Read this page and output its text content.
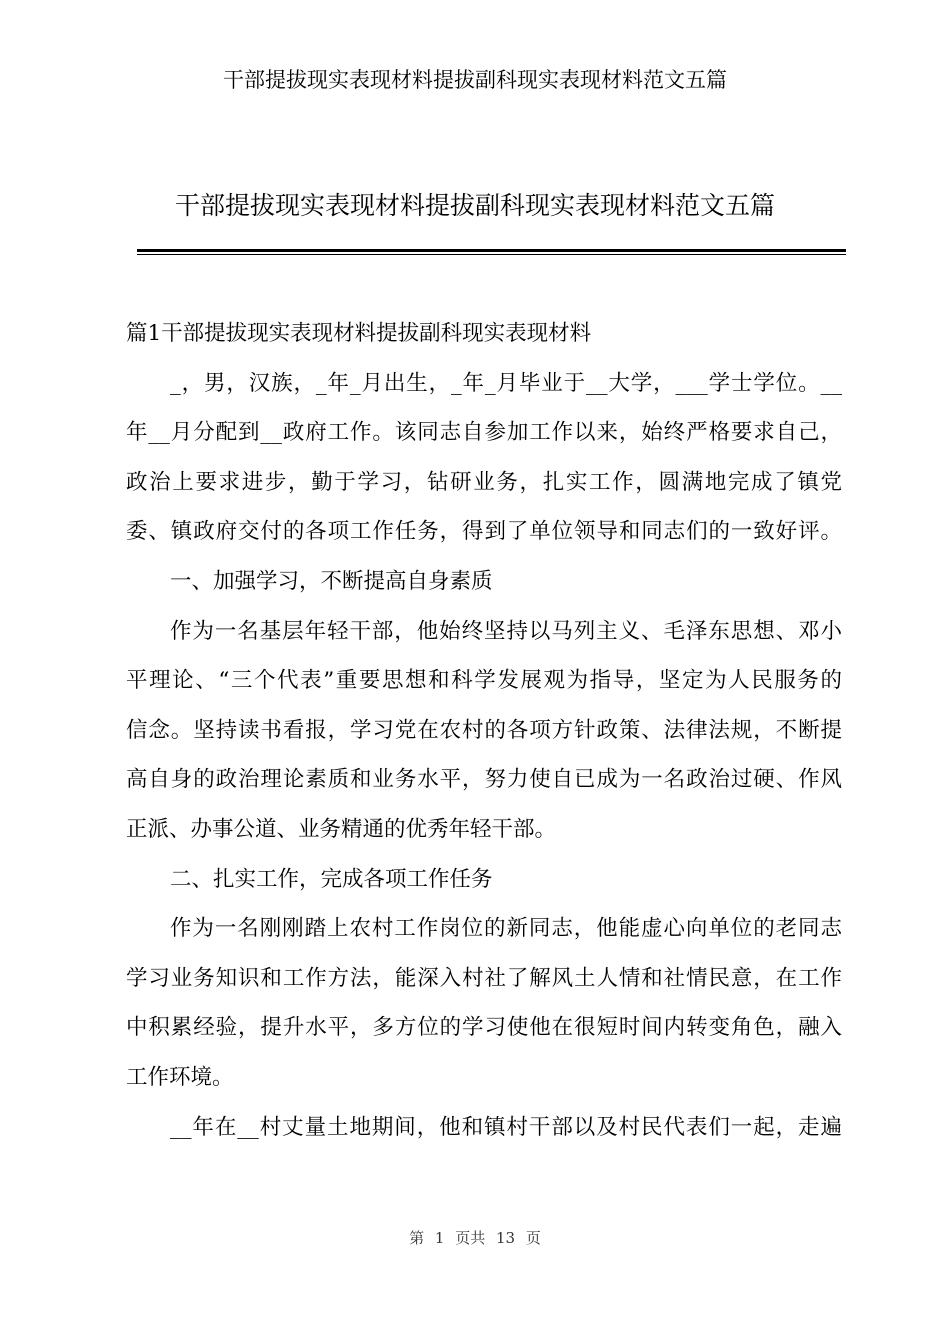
干部提拔现实表现材料提拔副科现实表现材料范文五篇
干部提拔现实表现材料提拔副科现实表现材料范文五篇
篇1干部提拔现实表现材料提拔副科现实表现材料
_，男，汉族，_年_月出生，_年_月毕业于__大学，___学士学位。__
年__月分配到__政府工作。该同志自参加工作以来，始终严格要求自己，
政治上要求进步，勤于学习，钻研业务，扎实工作，圆满地完成了镇党
委、镇政府交付的各项工作任务，得到了单位领导和同志们的一致好评。
一、加强学习，不断提高自身素质
作为一名基层年轻干部，他始终坚持以马列主义、毛泽东思想、邓小
平理论、“三个代表”重要思想和科学发展观为指导，坚定为人民服务的
信念。坚持读书看报，学习党在农村的各项方针政策、法律法规，不断提
高自身的政治理论素质和业务水平，努力使自已成为一名政治过硬、作风
正派、办事公道、业务精通的优秀年轻干部。
二、扎实工作，完成各项工作任务
作为一名刚刚踏上农村工作岗位的新同志，他能虚心向单位的老同志
学习业务知识和工作方法，能深入村社了解风土人情和社情民意，在工作
中积累经验，提升水平，多方位的学习使他在很短时间内转变角色，融入
工作环境。
__年在__村丈量土地期间，他和镇村干部以及村民代表们一起，走遍
第 1 页共 13 页
